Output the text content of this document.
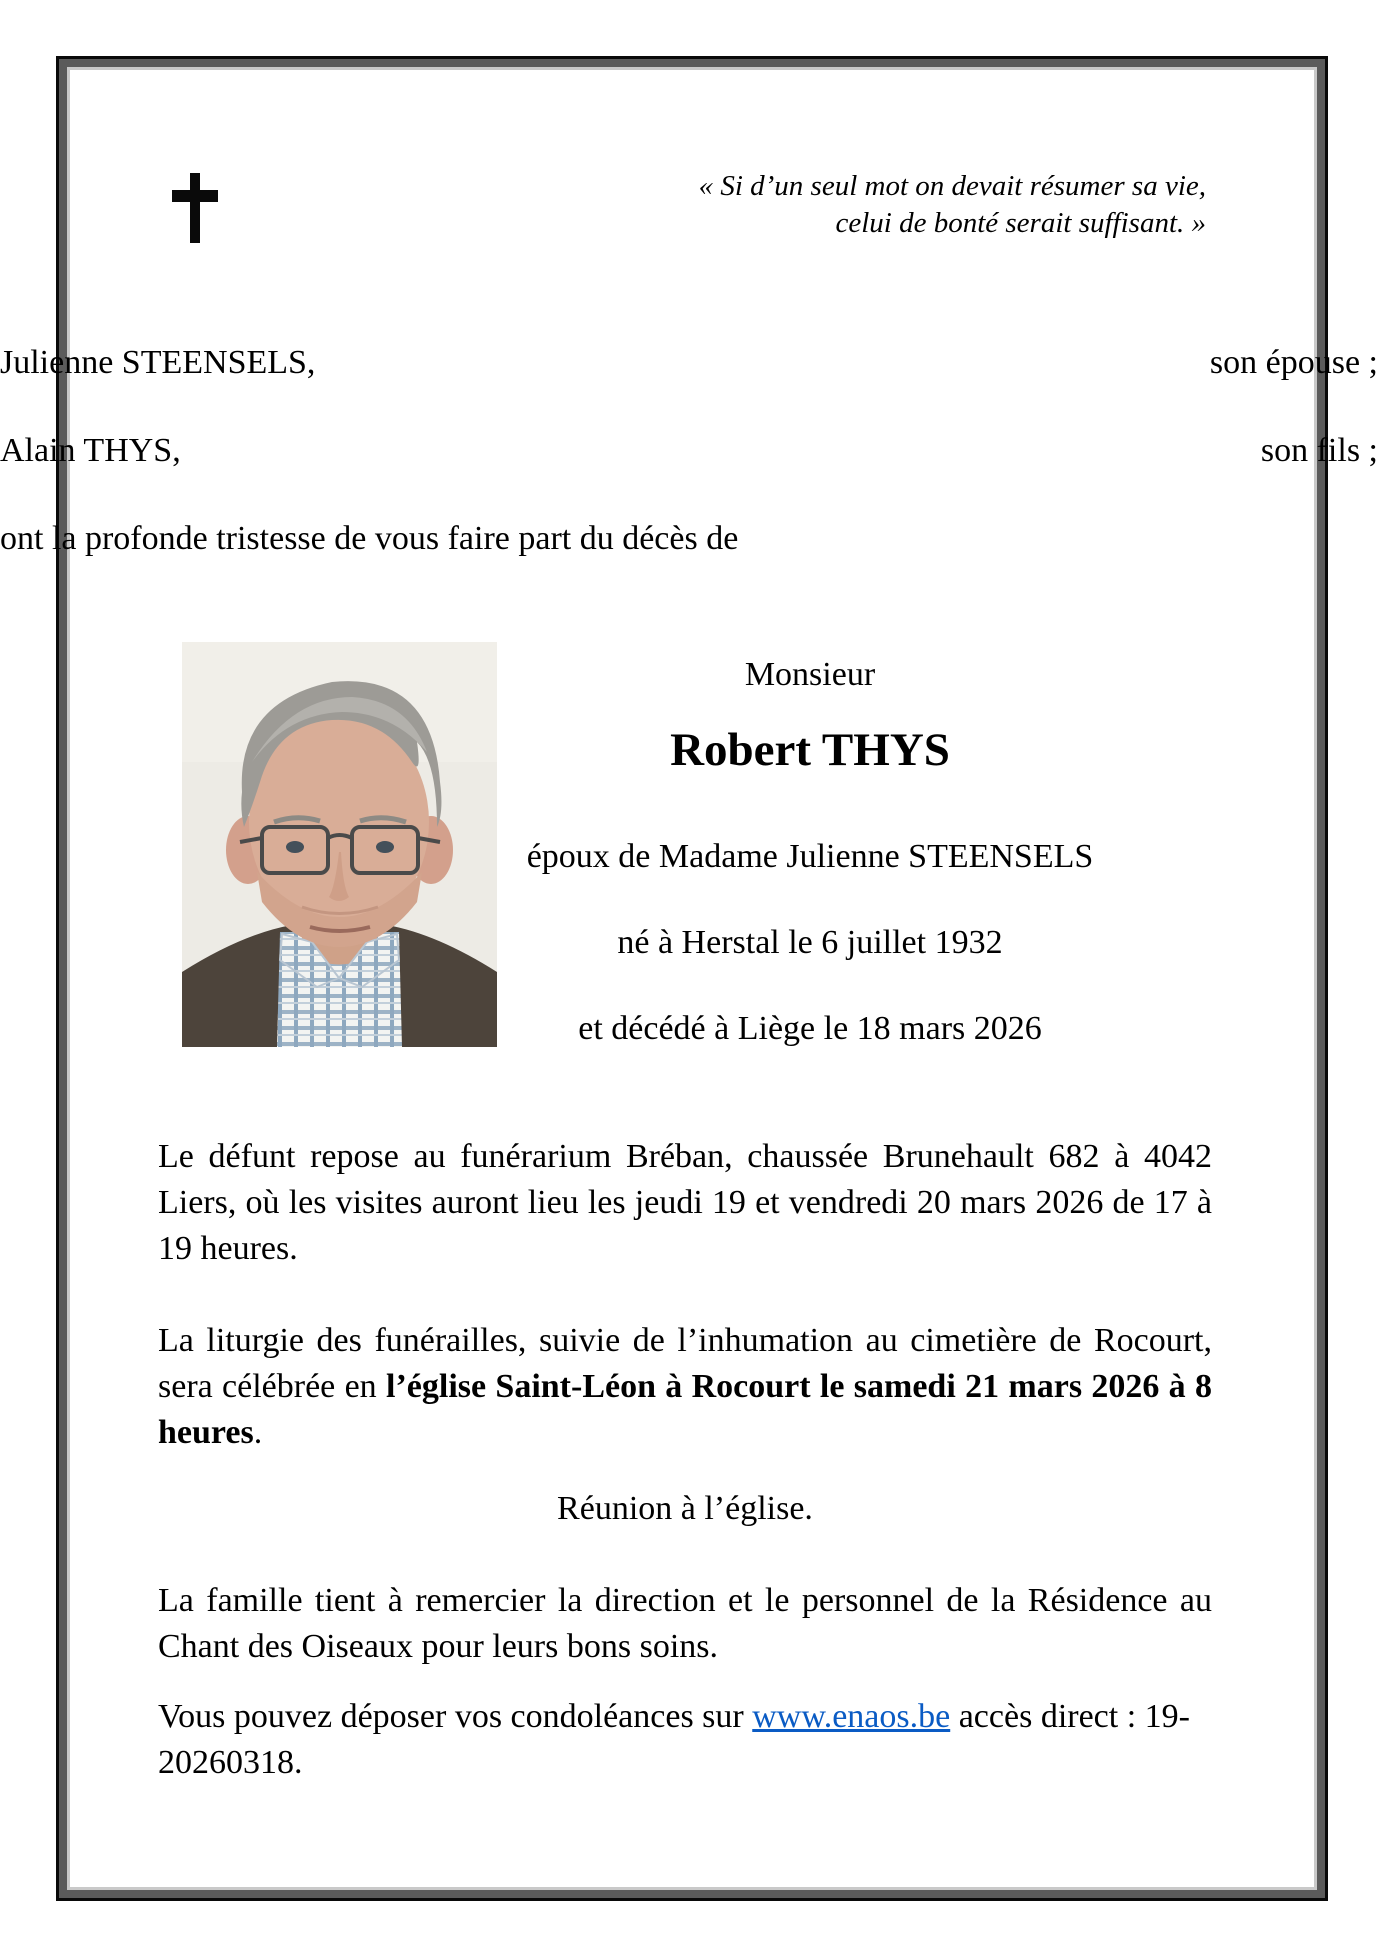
« Si d’un seul mot on devait résumer sa vie,
celui de bonté serait suffisant. »
Julienne STEENSELS,	son épouse ;
Alain THYS,	son fils ;
ont la profonde tristesse de vous faire part du décès de
Monsieur
Robert THYS
époux de Madame Julienne STEENSELS
né à Herstal le 6 juillet 1932
et décédé à Liège le 18 mars 2026
Le défunt repose au funérarium Bréban, chaussée Brunehault 682 à 4042 Liers, où les visites auront lieu les jeudi 19 et vendredi 20 mars 2026 de 17 à 19 heures.
La liturgie des funérailles, suivie de l’inhumation au cimetière de Rocourt, sera célébrée en l’église Saint-Léon à Rocourt le samedi 21 mars 2026 à 8 heures.
Réunion à l’église.
La famille tient à remercier la direction et le personnel de la Résidence au Chant des Oiseaux pour leurs bons soins.
Vous pouvez déposer vos condoléances sur www.enaos.be accès direct : 19-20260318.
